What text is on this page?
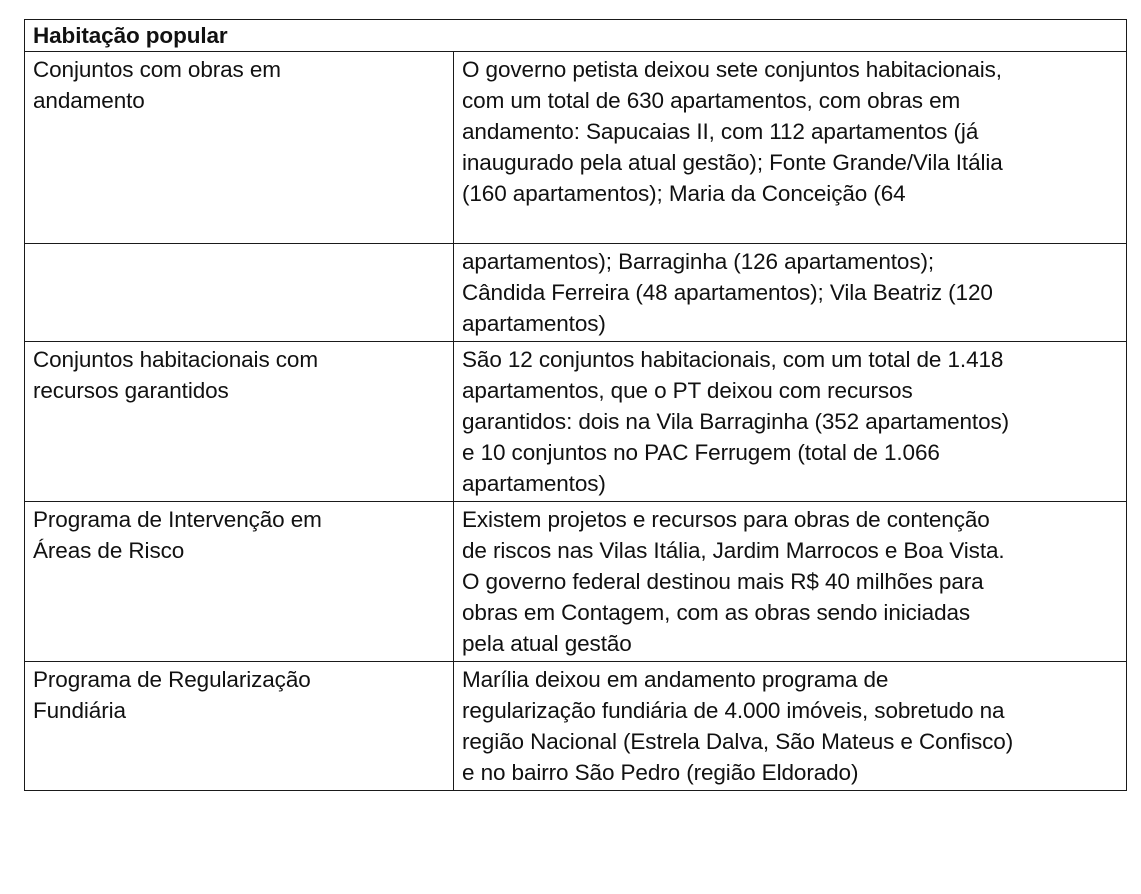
Habitação popular	

Conjuntos com obras em
andamento	O governo petista deixou sete conjuntos habitacionais,
com um total de 630 apartamentos, com obras em
andamento: Sapucaias II, com 112 apartamentos (já
inaugurado pela atual gestão); Fonte Grande/Vila Itália
(160 apartamentos); Maria da Conceição (64

	apartamentos); Barraginha (126 apartamentos);
Cândida Ferreira (48 apartamentos); Vila Beatriz (120
apartamentos)

Conjuntos habitacionais com
recursos garantidos	São 12 conjuntos habitacionais, com um total de 1.418
apartamentos, que o PT deixou com recursos
garantidos: dois na Vila Barraginha (352 apartamentos)
e 10 conjuntos no PAC Ferrugem (total de 1.066
apartamentos)

Programa de Intervenção em
Áreas de Risco	Existem projetos e recursos para obras de contenção
de riscos nas Vilas Itália, Jardim Marrocos e Boa Vista.
O governo federal destinou mais R$ 40 milhões para
obras em Contagem, com as obras sendo iniciadas
pela atual gestão

Programa de Regularização
Fundiária	Marília deixou em andamento programa de
regularização fundiária de 4.000 imóveis, sobretudo na
região Nacional (Estrela Dalva, São Mateus e Confisco)
e no bairro São Pedro (região Eldorado)
